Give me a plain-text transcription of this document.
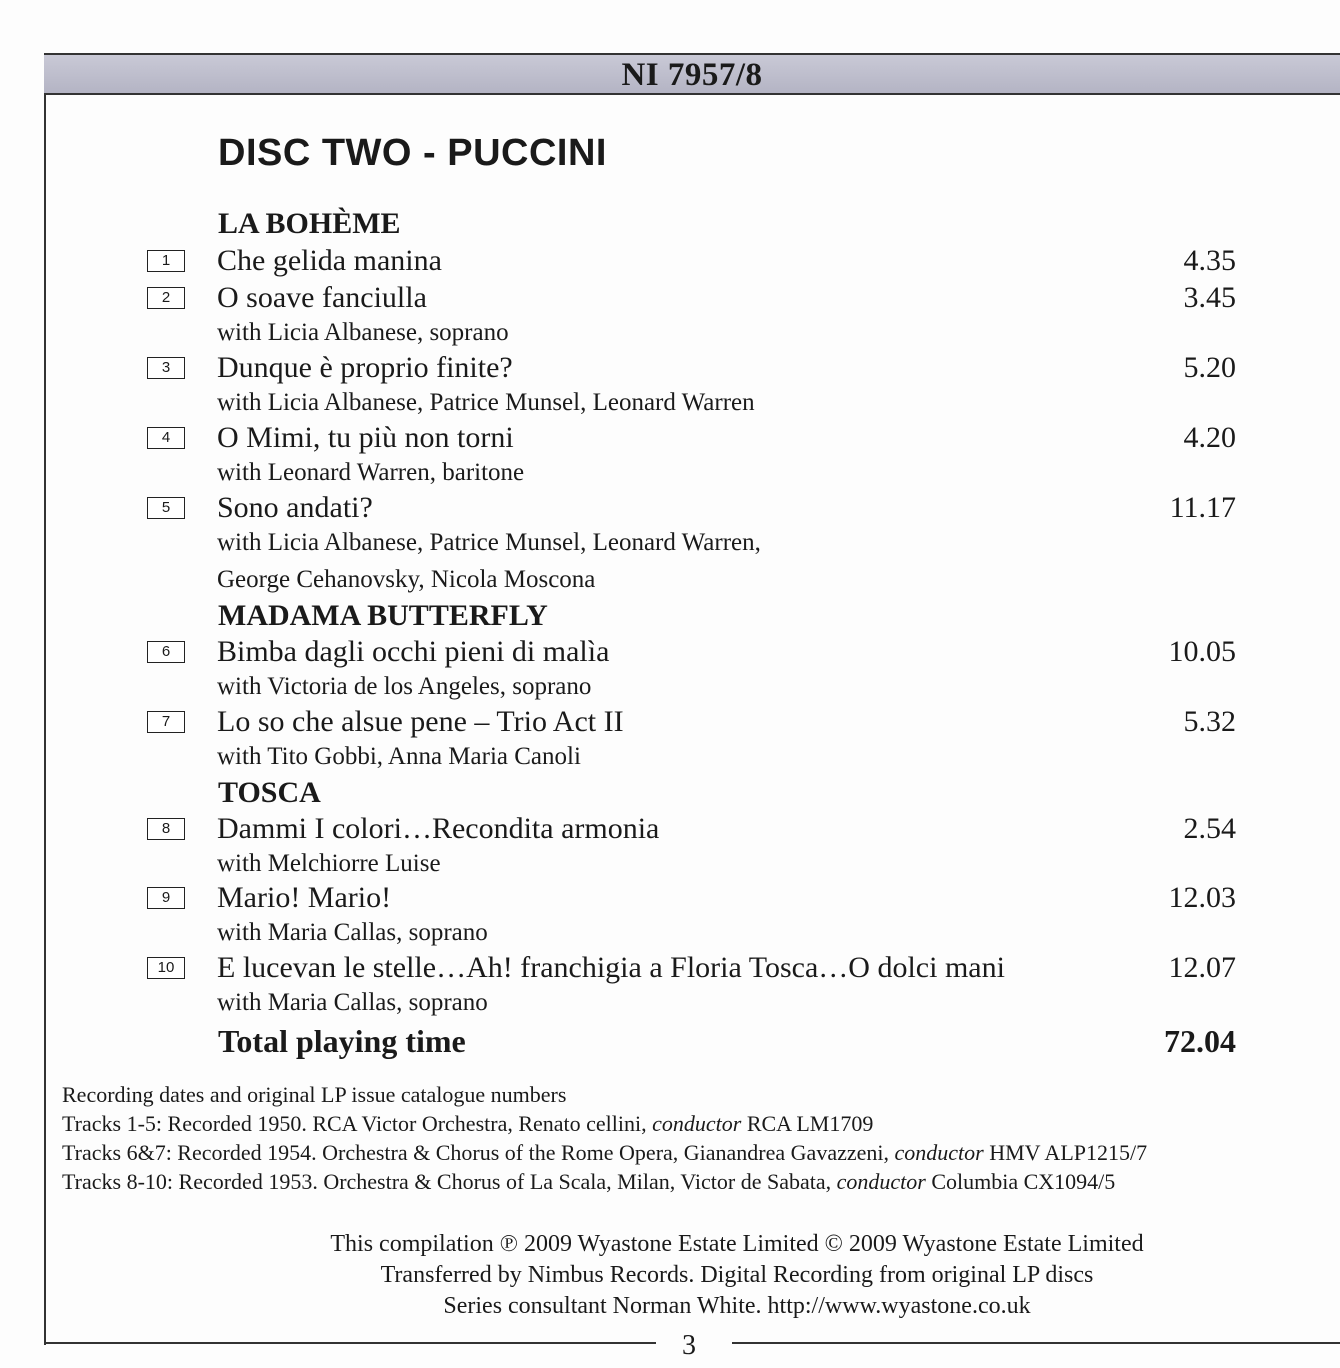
NI 7957/8
DISC TWO - PUCCINI
LA BOHÈME
1	Che gelida manina	4.35
2	O soave fanciulla	3.45
with Licia Albanese, soprano
3	Dunque è proprio finite?	5.20
with Licia Albanese, Patrice Munsel, Leonard Warren
4	O Mimi, tu più non torni	4.20
with Leonard Warren, baritone
5	Sono andati?	11.17
with Licia Albanese, Patrice Munsel, Leonard Warren,
George Cehanovsky, Nicola Moscona
MADAMA BUTTERFLY
6	Bimba dagli occhi pieni di malìa	10.05
with Victoria de los Angeles, soprano
7	Lo so che alsue pene – Trio Act II	5.32
with Tito Gobbi, Anna Maria Canoli
TOSCA
8	Dammi I colori…Recondita armonia	2.54
with Melchiorre Luise
9	Mario! Mario!	12.03
with Maria Callas, soprano
10	E lucevan le stelle…Ah! franchigia a Floria Tosca…O dolci mani	12.07
with Maria Callas, soprano
Total playing time	72.04
Recording dates and original LP issue catalogue numbers
Tracks 1-5: Recorded 1950. RCA Victor Orchestra, Renato cellini, conductor RCA LM1709
Tracks 6&7: Recorded 1954. Orchestra & Chorus of the Rome Opera, Gianandrea Gavazzeni, conductor HMV ALP1215/7
Tracks 8-10: Recorded 1953. Orchestra & Chorus of La Scala, Milan, Victor de Sabata, conductor Columbia CX1094/5
This compilation ℗ 2009 Wyastone Estate Limited © 2009 Wyastone Estate Limited
Transferred by Nimbus Records. Digital Recording from original LP discs
Series consultant Norman White. http://www.wyastone.co.uk
3
